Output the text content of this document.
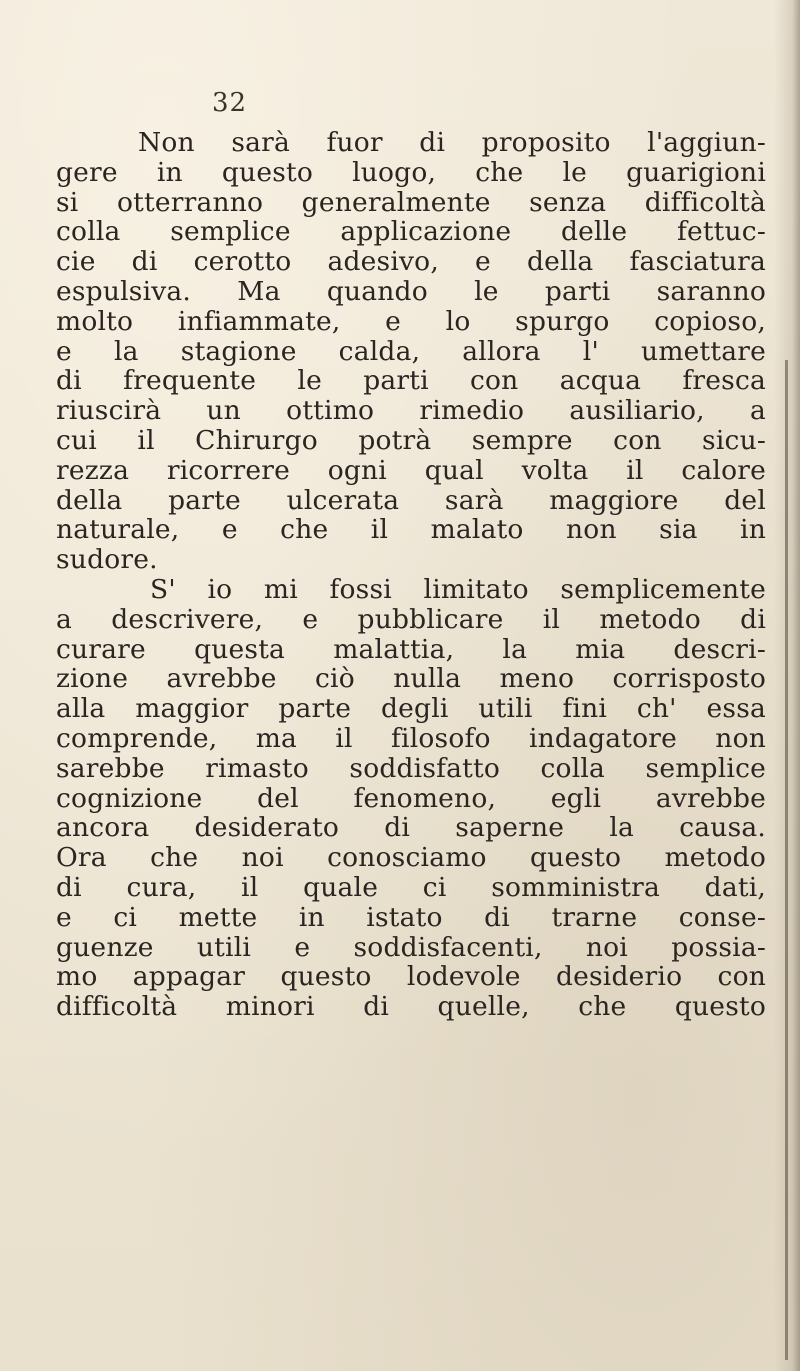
32
Non sarà fuor di proposito l'aggiun-
gere in questo luogo, che le guarigioni
si otterranno generalmente senza difficoltà
colla semplice applicazione delle fettuc-
cie di cerotto adesivo, e della fasciatura
espulsiva. Ma quando le parti saranno
molto infiammate, e lo spurgo copioso,
e la stagione calda, allora l' umettare
di frequente le parti con acqua fresca
riuscirà un ottimo rimedio ausiliario, a
cui il Chirurgo potrà sempre con sicu-
rezza ricorrere ogni qual volta il calore
della parte ulcerata sarà maggiore del
naturale, e che il malato non sia in
sudore.
S' io mi fossi limitato semplicemente
a descrivere, e pubblicare il metodo di
curare questa malattia, la mia descri-
zione avrebbe ciò nulla meno corrisposto
alla maggior parte degli utili fini ch' essa
comprende, ma il filosofo indagatore non
sarebbe rimasto soddisfatto colla semplice
cognizione del fenomeno, egli avrebbe
ancora desiderato di saperne la causa.
Ora che noi conosciamo questo metodo
di cura, il quale ci somministra dati,
e ci mette in istato di trarne conse-
guenze utili e soddisfacenti, noi possia-
mo appagar questo lodevole desiderio con
difficoltà minori di quelle, che questo
